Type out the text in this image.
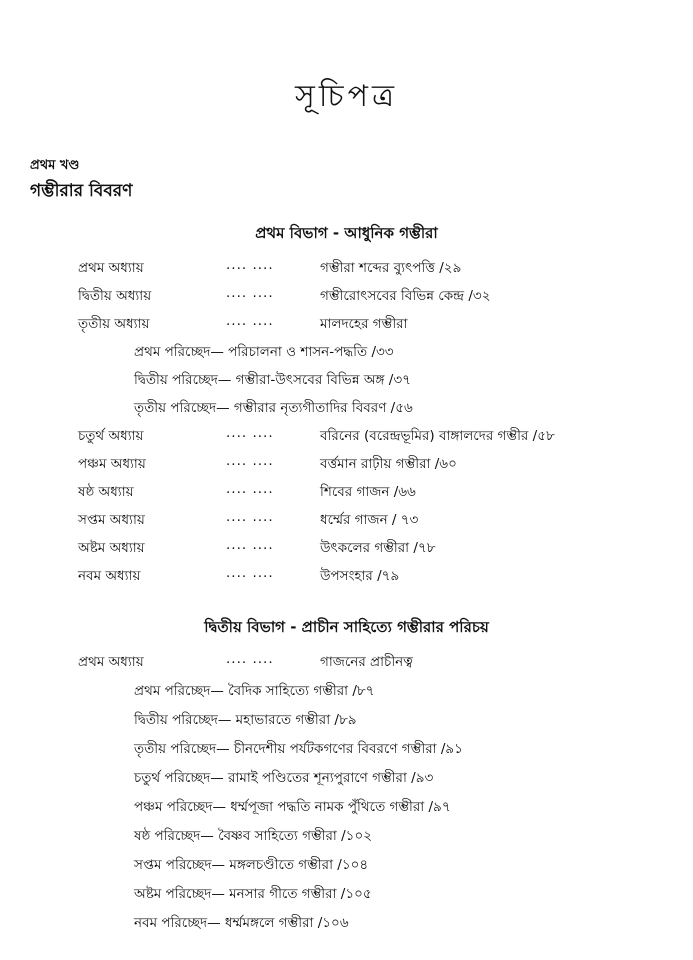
সূচিপত্র
প্রথম খণ্ড
গম্ভীরার বিবরণ
প্রথম বিভাগ - আধুনিক গম্ভীরা
প্রথম অধ্যায়	.... ....	গম্ভীরা শব্দের ব্যুৎপত্তি /২৯
দ্বিতীয় অধ্যায়	.... ....	গম্ভীরোৎসবের বিভিন্ন কেন্দ্র /৩২
তৃতীয় অধ্যায়	.... ....	মালদহের গম্ভীরা
প্রথম পরিচ্ছেদ— পরিচালনা ও শাসন-পদ্ধতি /৩৩
দ্বিতীয় পরিচ্ছেদ— গম্ভীরা-উৎসবের বিভিন্ন অঙ্গ /৩৭
তৃতীয় পরিচ্ছেদ— গম্ভীরার নৃত্যগীতাদির বিবরণ /৫৬
চতুর্থ অধ্যায়	.... ....	বরিনের (বরেন্দ্রভূমির) বাঙ্গালদের গম্ভীর /৫৮
পঞ্চম অধ্যায়	.... ....	বর্ত্তমান রাঢ়ীয় গম্ভীরা /৬০
ষষ্ঠ অধ্যায়	.... ....	শিবের গাজন /৬৬
সপ্তম অধ্যায়	.... ....	ধর্ম্মের গাজন / ৭৩
অষ্টম অধ্যায়	.... ....	উৎকলের গম্ভীরা /৭৮
নবম অধ্যায়	.... ....	উপসংহার /৭৯
দ্বিতীয় বিভাগ - প্রাচীন সাহিত্যে গম্ভীরার পরিচয়
প্রথম অধ্যায়	.... ....	গাজনের প্রাচীনত্ব
প্রথম পরিচ্ছেদ— বৈদিক সাহিত্যে গম্ভীরা /৮৭
দ্বিতীয় পরিচ্ছেদ— মহাভারতে গম্ভীরা /৮৯
তৃতীয় পরিচ্ছেদ— চীনদেশীয় পর্যটকগণের বিবরণে গম্ভীরা /৯১
চতুর্থ পরিচ্ছেদ— রামাই পণ্ডিতের শূন্যপুরাণে গম্ভীরা /৯৩
পঞ্চম পরিচ্ছেদ— ধর্ম্মপূজা পদ্ধতি নামক পুঁথিতে গম্ভীরা /৯৭
ষষ্ঠ পরিচ্ছেদ— বৈষ্ণব সাহিত্যে গম্ভীরা /১০২
সপ্তম পরিচ্ছেদ— মঙ্গলচণ্ডীতে গম্ভীরা /১০৪
অষ্টম পরিচ্ছেদ— মনসার গীতে গম্ভীরা /১০৫
নবম পরিচ্ছেদ— ধর্ম্মমঙ্গলে গম্ভীরা /১০৬
